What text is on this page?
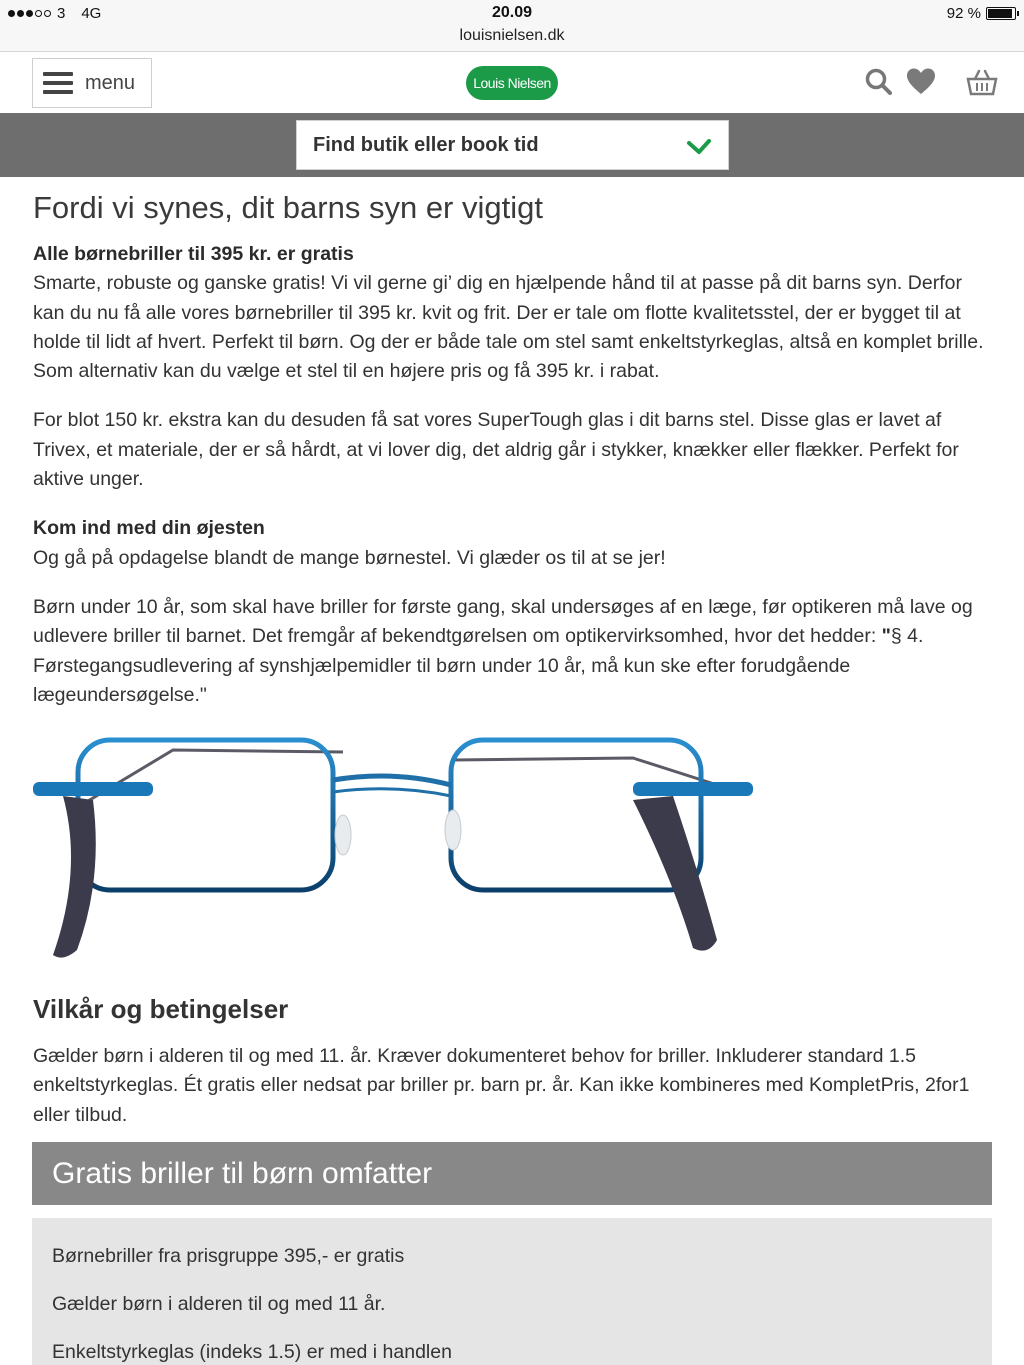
3 4G	20.09
louisnielsen.dk
92 %
menu	Louis Nielsen
Find butik eller book tid
Fordi vi synes, dit barns syn er vigtigt

Alle børnebriller til 395 kr. er gratis
Smarte, robuste og ganske gratis! Vi vil gerne gi’ dig en hjælpende hånd til at passe på dit barns syn. Derfor kan du nu få alle vores børnebriller til 395 kr. kvit og frit. Der er tale om flotte kvalitetsstel, der er bygget til at holde til lidt af hvert. Perfekt til børn. Og der er både tale om stel samt enkeltstyrkeglas, altså en komplet brille. Som alternativ kan du vælge et stel til en højere pris og få 395 kr. i rabat.

For blot 150 kr. ekstra kan du desuden få sat vores SuperTough glas i dit barns stel. Disse glas er lavet af Trivex, et materiale, der er så hårdt, at vi lover dig, det aldrig går i stykker, knækker eller flækker. Perfekt for aktive unger.

Kom ind med din øjesten
Og gå på opdagelse blandt de mange børnestel. Vi glæder os til at se jer!

Børn under 10 år, som skal have briller for første gang, skal undersøges af en læge, før optikeren må lave og udlevere briller til barnet. Det fremgår af bekendtgørelsen om optikervirksomhed, hvor det hedder: "§ 4. Førstegangsudlevering af synshjælpemidler til børn under 10 år, må kun ske efter forudgående lægeundersøgelse."

and ©2009 THOIP
Vilkår og betingelser

Gælder børn i alderen til og med 11. år. Kræver dokumenteret behov for briller. Inkluderer standard 1.5 enkeltstyrkeglas. Ét gratis eller nedsat par briller pr. barn pr. år. Kan ikke kombineres med KompletPris, 2for1 eller tilbud.

Gratis briller til børn omfatter
Børnebriller fra prisgruppe 395,- er gratis
Gælder børn i alderen til og med 11 år.
Enkeltstyrkeglas (indeks 1.5) er med i handlen
